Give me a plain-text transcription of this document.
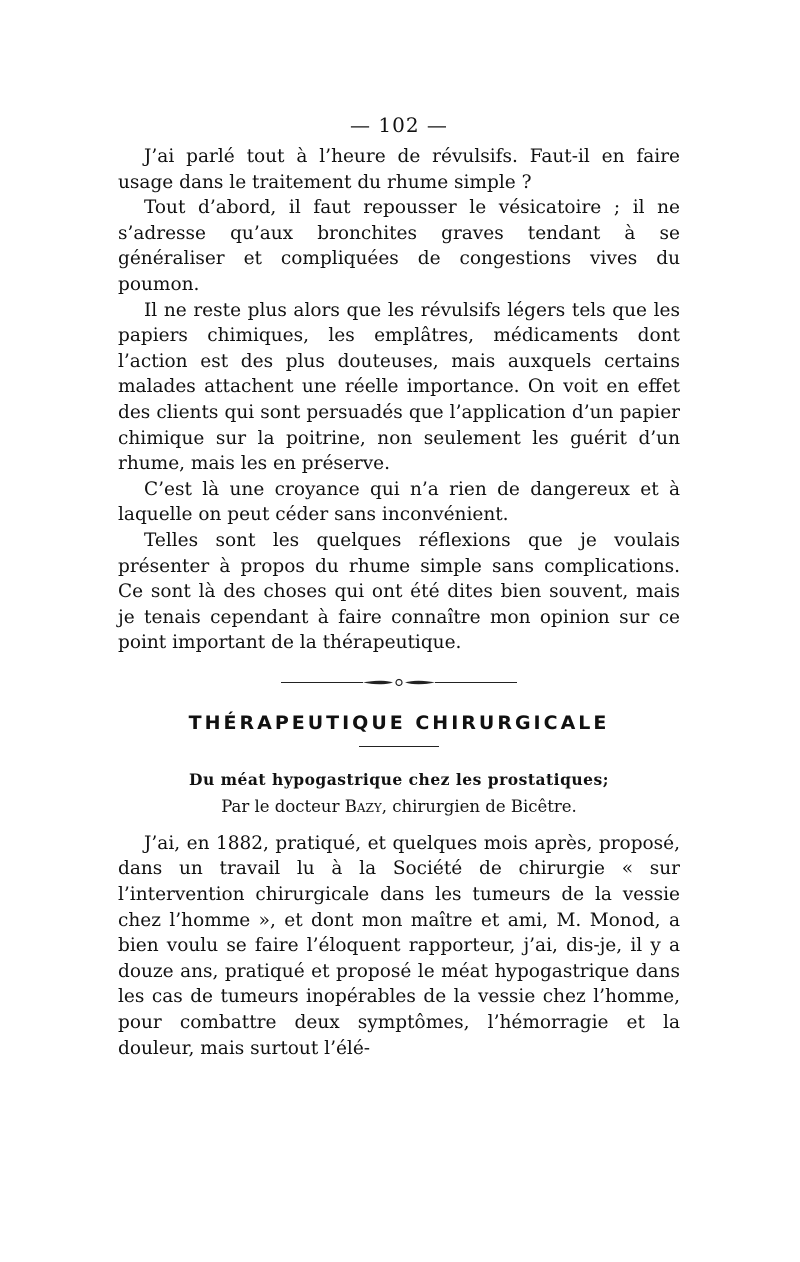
— 102 —

J’ai parlé tout à l’heure de révulsifs. Faut-il en faire usage dans le traitement du rhume simple ?

Tout d’abord, il faut repousser le vésicatoire ; il ne s’adresse qu’aux bronchites graves tendant à se généraliser et compliquées de congestions vives du poumon.

Il ne reste plus alors que les révulsifs légers tels que les papiers chimiques, les emplâtres, médicaments dont l’action est des plus douteuses, mais auxquels certains malades attachent une réelle importance. On voit en effet des clients qui sont persuadés que l’application d’un papier chimique sur la poitrine, non seulement les guérit d’un rhume, mais les en préserve.

C’est là une croyance qui n’a rien de dangereux et à laquelle on peut céder sans inconvénient.

Telles sont les quelques réflexions que je voulais présenter à propos du rhume simple sans complications. Ce sont là des choses qui ont été dites bien souvent, mais je tenais cependant à faire connaître mon opinion sur ce point important de la thérapeutique.

THÉRAPEUTIQUE CHIRURGICALE
Du méat hypogastrique chez les prostatiques;
Par le docteur Bazy, chirurgien de Bicêtre.

J’ai, en 1882, pratiqué, et quelques mois après, proposé, dans un travail lu à la Société de chirurgie « sur l’intervention chirurgicale dans les tumeurs de la vessie chez l’homme », et dont mon maître et ami, M. Monod, a bien voulu se faire l’éloquent rapporteur, j’ai, dis-je, il y a douze ans, pratiqué et proposé le méat hypogastrique dans les cas de tumeurs inopérables de la vessie chez l’homme, pour combattre deux symptômes, l’hémorragie et la douleur, mais surtout l’élé-
